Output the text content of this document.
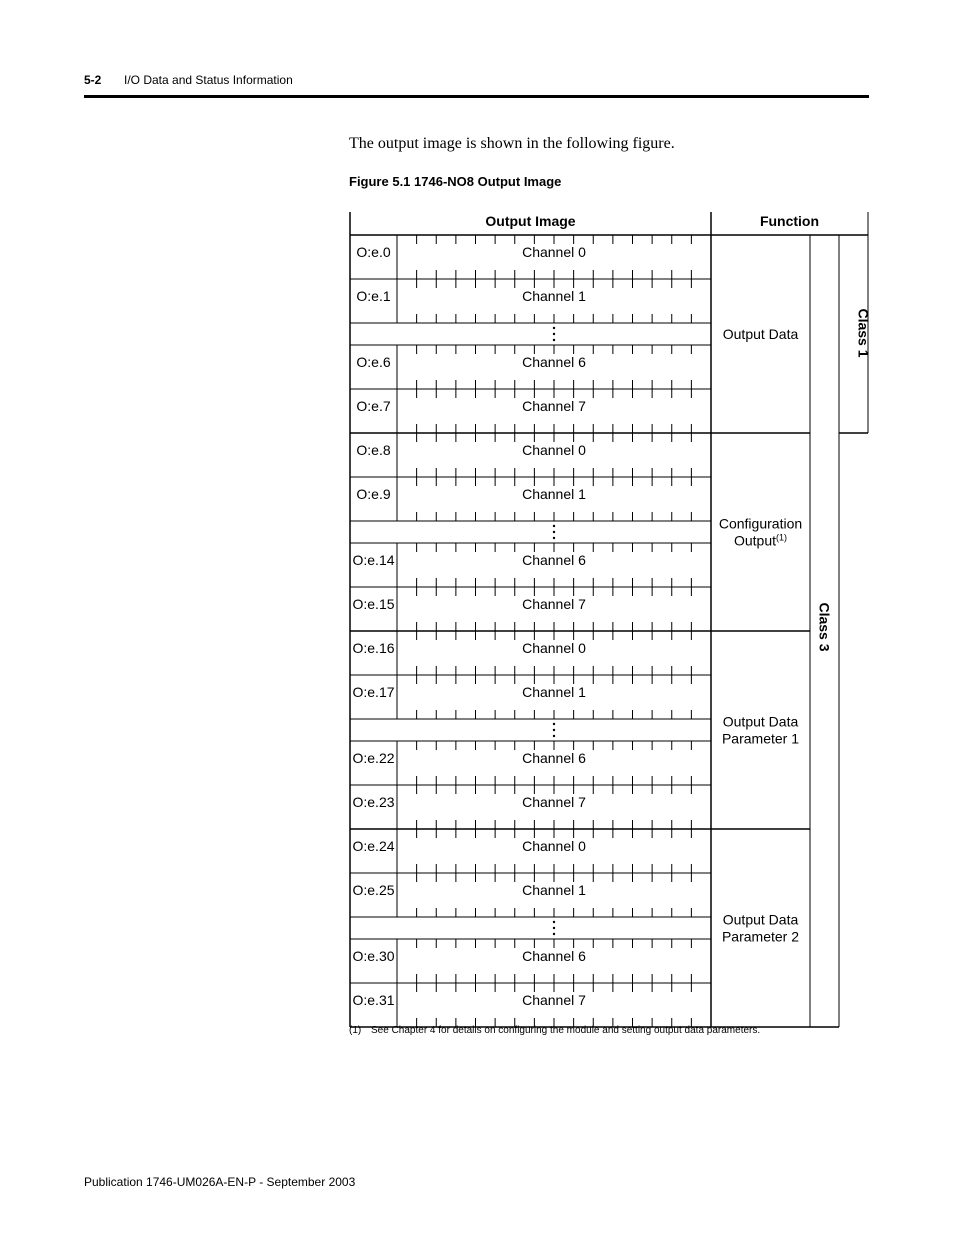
5-2 I/O Data and Status Information
The output image is shown in the following figure.
Figure 5.1 1746-NO8 Output Image
Output Image	Function
O:e.0	Channel 0
O:e.1	Channel 1
O:e.6	Channel 6
O:e.7	Channel 7
Output Data
O:e.8	Channel 0
O:e.9	Channel 1
O:e.14	Channel 6
O:e.15	Channel 7
Configuration
Output$^{(1)}$
O:e.16	Channel 0
O:e.17	Channel 1
O:e.22	Channel 6
O:e.23	Channel 7
Output Data
Parameter 1
O:e.24	Channel 0
O:e.25	Channel 1
O:e.30	Channel 6
O:e.31	Channel 7
Output Data
Parameter 2
Class 1
Class 3
(1) See Chapter 4 for details on configuring the module and setting output data parameters.
Publication 1746-UM026A-EN-P - September 2003
